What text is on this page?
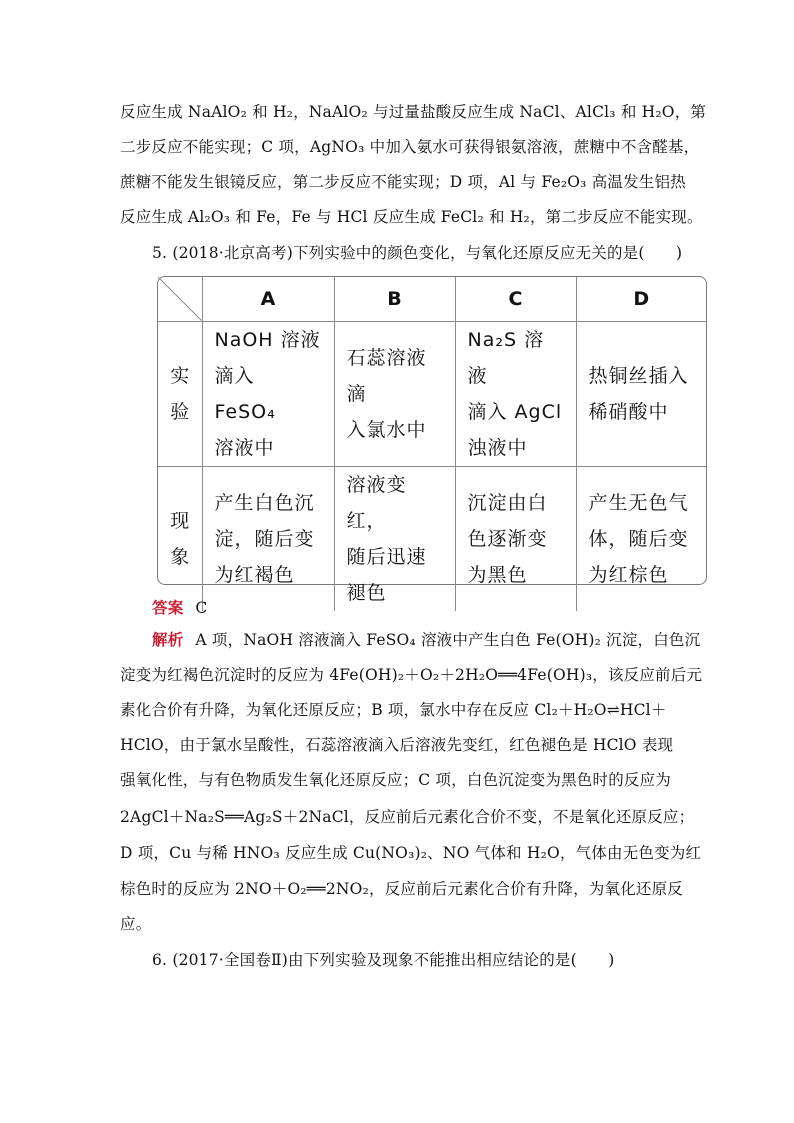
反应生成 NaAlO₂ 和 H₂，NaAlO₂ 与过量盐酸反应生成 NaCl、AlCl₃ 和 H₂O，第
二步反应不能实现；C 项，AgNO₃ 中加入氨水可获得银氨溶液，蔗糖中不含醛基，
蔗糖不能发生银镜反应，第二步反应不能实现；D 项，Al 与 Fe₂O₃ 高温发生铝热
反应生成 Al₂O₃ 和 Fe，Fe 与 HCl 反应生成 FeCl₂ 和 H₂，第二步反应不能实现。
5. (2018·北京高考)下列实验中的颜色变化，与氧化还原反应无关的是(　　)
	A	B	C	D
实 验	NaOH 溶液
滴入 FeSO₄
溶液中	石蕊溶液滴
入氯水中	Na₂S 溶液
滴入 AgCl
浊液中	热铜丝插入
稀硝酸中

现 象	产生白色沉
淀，随后变
为红褐色	溶液变红，
随后迅速
褪色	沉淀由白
色逐渐变
为黑色	产生无色气
体，随后变
为红棕色
答案 C
解析 A 项，NaOH 溶液滴入 FeSO₄ 溶液中产生白色 Fe(OH)₂ 沉淀，白色沉
淀变为红褐色沉淀时的反应为 4Fe(OH)₂＋O₂＋2H₂O══4Fe(OH)₃，该反应前后元
素化合价有升降，为氧化还原反应；B 项，氯水中存在反应 Cl₂＋H₂O⇌HCl＋
HClO，由于氯水呈酸性，石蕊溶液滴入后溶液先变红，红色褪色是 HClO 表现
强氧化性，与有色物质发生氧化还原反应；C 项，白色沉淀变为黑色时的反应为
2AgCl＋Na₂S══Ag₂S＋2NaCl，反应前后元素化合价不变，不是氧化还原反应；
D 项，Cu 与稀 HNO₃ 反应生成 Cu(NO₃)₂、NO 气体和 H₂O，气体由无色变为红
棕色时的反应为 2NO＋O₂══2NO₂，反应前后元素化合价有升降，为氧化还原反
应。
6. (2017·全国卷Ⅱ)由下列实验及现象不能推出相应结论的是(　　)
